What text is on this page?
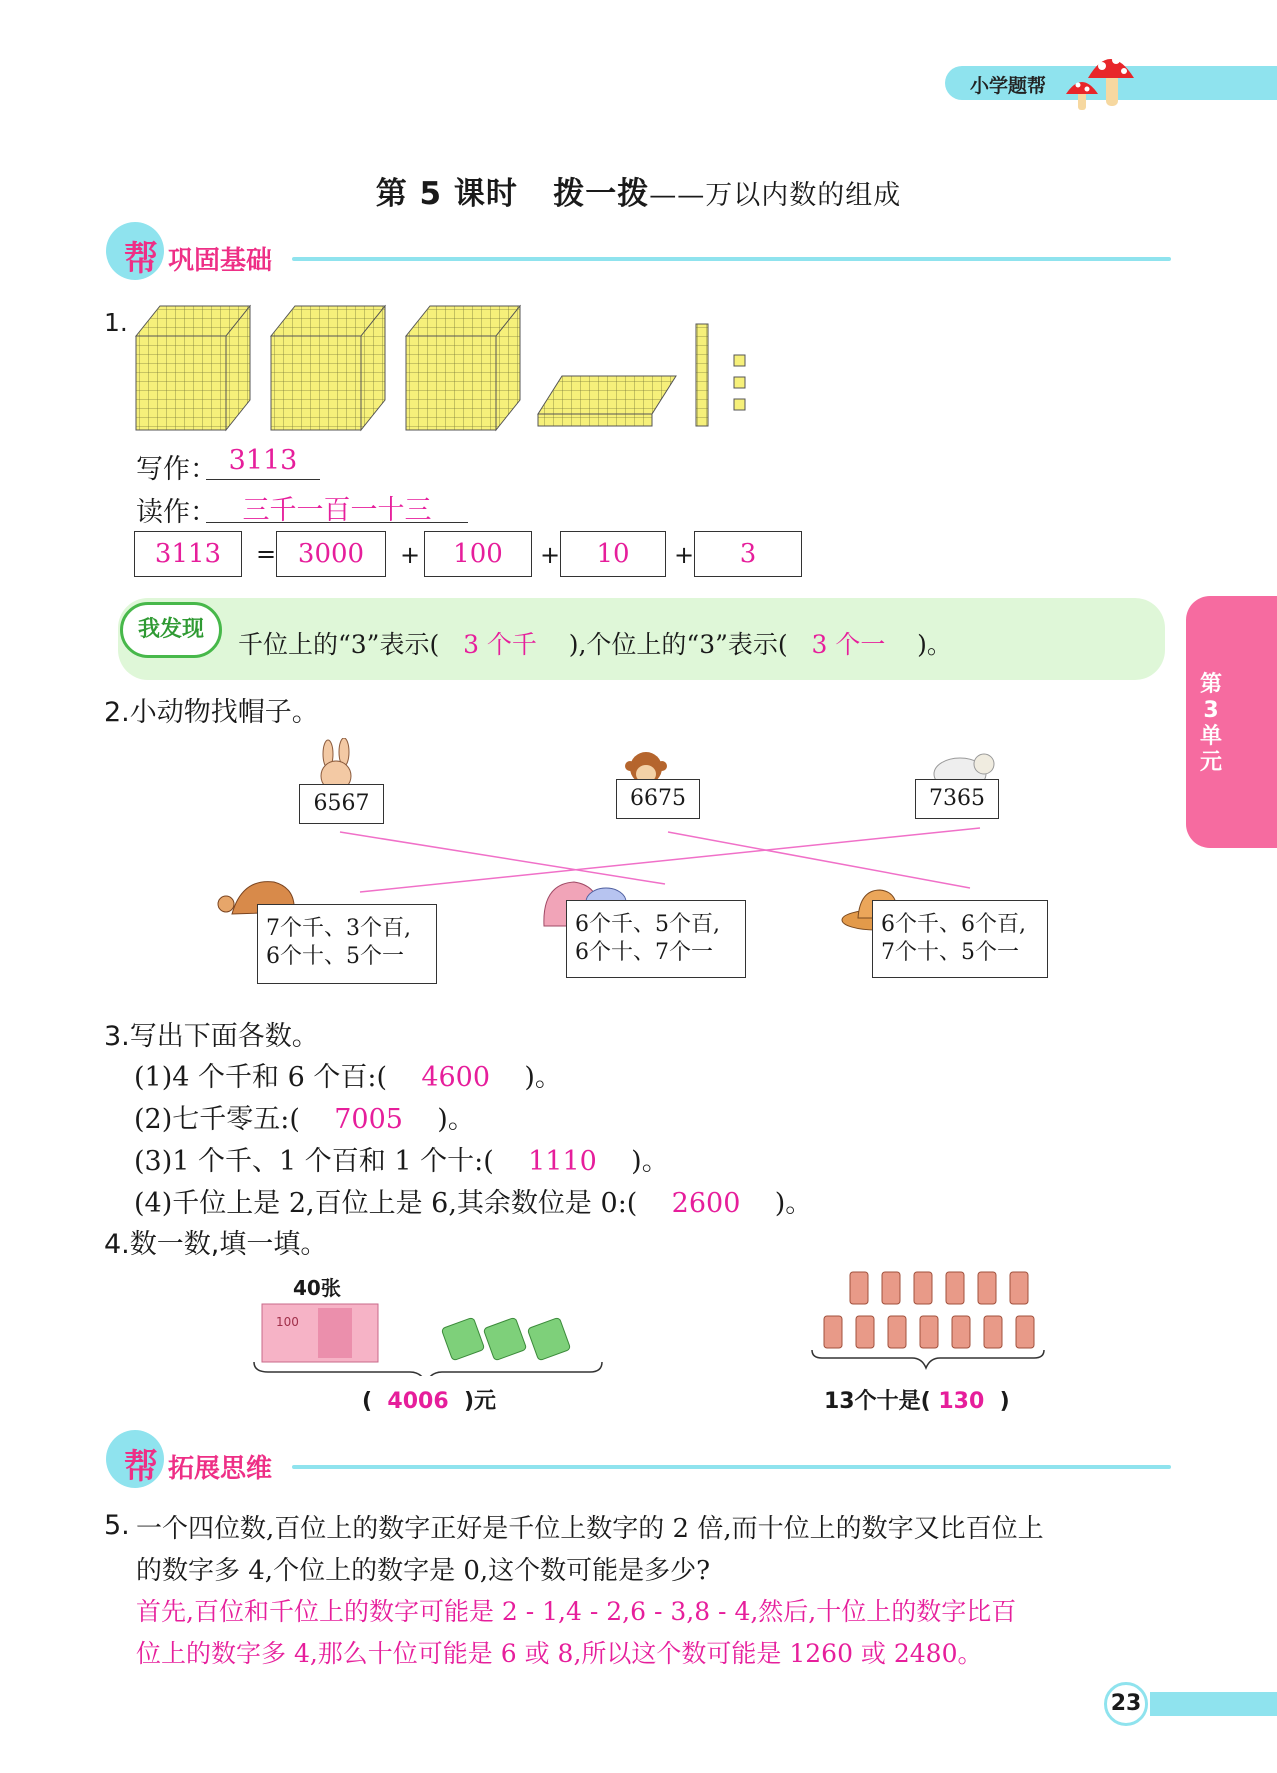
小学题帮
第 5 课时 拨一拨——万以内数的组成
帮 巩固基础
1.
写作： 3113
读作： 三千一百一十三
3113	= 3000	+	100	+	10	+	3
我发现
千位上的“3”表示( 3 个千 ),个位上的“3”表示( 3 个一 )。
第
3
单
元
2.小动物找帽子。
6567	6675	7365
7个千、3个百,
6个十、5个一
6个千、5个百,
6个十、7个一
6个千、6个百,
7个十、5个一
3.写出下面各数。
(1)4 个千和 6 个百:( 4600 )。
(2)七千零五:( 7005 )。
(3)1 个千、1 个百和 1 个十:( 1110 )。
(4)千位上是 2,百位上是 6,其余数位是 0:( 2600 )。
4.数一数,填一填。
40张
100
( 4006 )元	13个十是( 130 )
帮 拓展思维
5. 一个四位数,百位上的数字正好是千位上数字的 2 倍,而十位上的数字又比百位上
的数字多 4,个位上的数字是 0,这个数可能是多少?
首先,百位和千位上的数字可能是 2 - 1,4 - 2,6 - 3,8 - 4,然后,十位上的数字比百
位上的数字多 4,那么十位可能是 6 或 8,所以这个数可能是 1260 或 2480。
23
